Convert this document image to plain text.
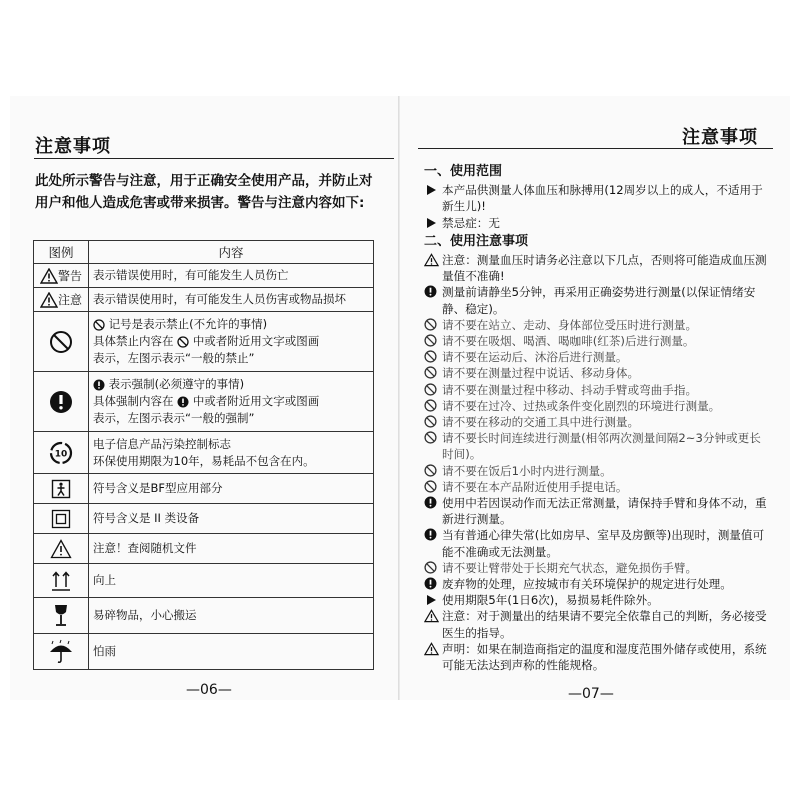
注意事项
此处所示警告与注意，用于正确安全使用产品，并防止对用户和他人造成危害或带来损害。警告与注意内容如下:
图例	内容
警告	表示错误使用时，有可能发生人员伤亡
注意	表示错误使用时，有可能发生人员伤害或物品损坏

记号是表示禁止(不允许的事情)
具体禁止内容在 中或者附近用文字或图画
表示，左图示表示“一般的禁止”

表示强制(必须遵守的事情)
具体强制内容在 中或者附近用文字或图画
表示，左图示表示“一般的强制”

10	电子信息产品污染控制标志
环保使用期限为10年，易耗品不包含在内。

	符号含义是BF型应用部分
	符号含义是 II 类设备
	注意！查阅随机文件
	向上
	易碎物品，小心搬运
	怕雨
—06—
注意事项
一、使用范围
本产品供测量人体血压和脉搏用(12周岁以上的成人，不适用于新生儿)!
禁忌症：无
二、使用注意事项
注意：测量血压时请务必注意以下几点，否则将可能造成血压测量值不准确!
测量前请静坐5分钟，再采用正确姿势进行测量(以保证情绪安静、稳定)。
请不要在站立、走动、身体部位受压时进行测量。
请不要在吸烟、喝酒、喝咖啡(红茶)后进行测量。
请不要在运动后、沐浴后进行测量。
请不要在测量过程中说话、移动身体。
请不要在测量过程中移动、抖动手臂或弯曲手指。
请不要在过冷、过热或条件变化剧烈的环境进行测量。
请不要在移动的交通工具中进行测量。
请不要长时间连续进行测量(相邻两次测量间隔2~3分钟或更长时间)。
请不要在饭后1小时内进行测量。
请不要在本产品附近使用手提电话。
使用中若因误动作而无法正常测量，请保持手臂和身体不动，重新进行测量。
当有普通心律失常(比如房早、室早及房颤等)出现时，测量值可能不准确或无法测量。
请不要让臂带处于长期充气状态，避免损伤手臂。
废弃物的处理，应按城市有关环境保护的规定进行处理。
使用期限5年(1日6次)，易损易耗件除外。
注意：对于测量出的结果请不要完全依靠自己的判断，务必接受医生的指导。
声明：如果在制造商指定的温度和湿度范围外储存或使用，系统可能无法达到声称的性能规格。
—07—
